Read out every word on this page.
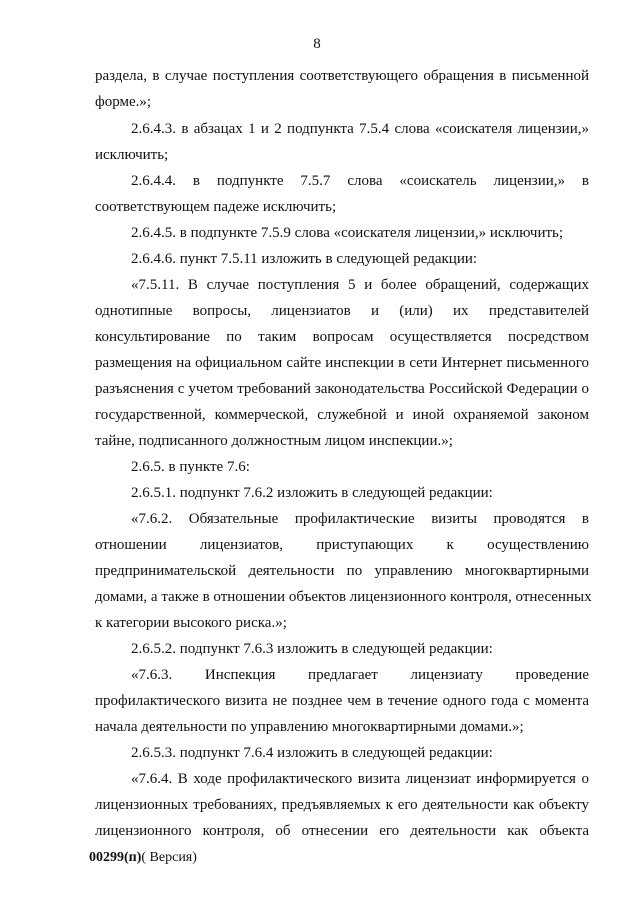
8
раздела, в случае поступления соответствующего обращения в письменной
форме.»;
2.6.4.3. в абзацах 1 и 2 подпункта 7.5.4 слова «соискателя лицензии,»
исключить;
2.6.4.4. в подпункте 7.5.7 слова «соискатель лицензии,» в
соответствующем падеже исключить;
2.6.4.5. в подпункте 7.5.9 слова «соискателя лицензии,» исключить;
2.6.4.6. пункт 7.5.11 изложить в следующей редакции:
«7.5.11. В случае поступления 5 и более обращений, содержащих
однотипные вопросы, лицензиатов и (или) их представителей
консультирование по таким вопросам осуществляется посредством
размещения на официальном сайте инспекции в сети Интернет письменного
разъяснения с учетом требований законодательства Российской Федерации о
государственной, коммерческой, служебной и иной охраняемой законом
тайне, подписанного должностным лицом инспекции.»;
2.6.5. в пункте 7.6:
2.6.5.1. подпункт 7.6.2 изложить в следующей редакции:
«7.6.2. Обязательные профилактические визиты проводятся в
отношении лицензиатов, приступающих к осуществлению
предпринимательской деятельности по управлению многоквартирными
домами, а также в отношении объектов лицензионного контроля, отнесенных
к категории высокого риска.»;
2.6.5.2. подпункт 7.6.3 изложить в следующей редакции:
«7.6.3. Инспекция предлагает лицензиату проведение
профилактического визита не позднее чем в течение одного года с момента
начала деятельности по управлению многоквартирными домами.»;
2.6.5.3. подпункт 7.6.4 изложить в следующей редакции:
«7.6.4. В ходе профилактического визита лицензиат информируется о
лицензионных требованиях, предъявляемых к его деятельности как объекту
лицензионного контроля, об отнесении его деятельности как объекта
00299(п)( Версия)
